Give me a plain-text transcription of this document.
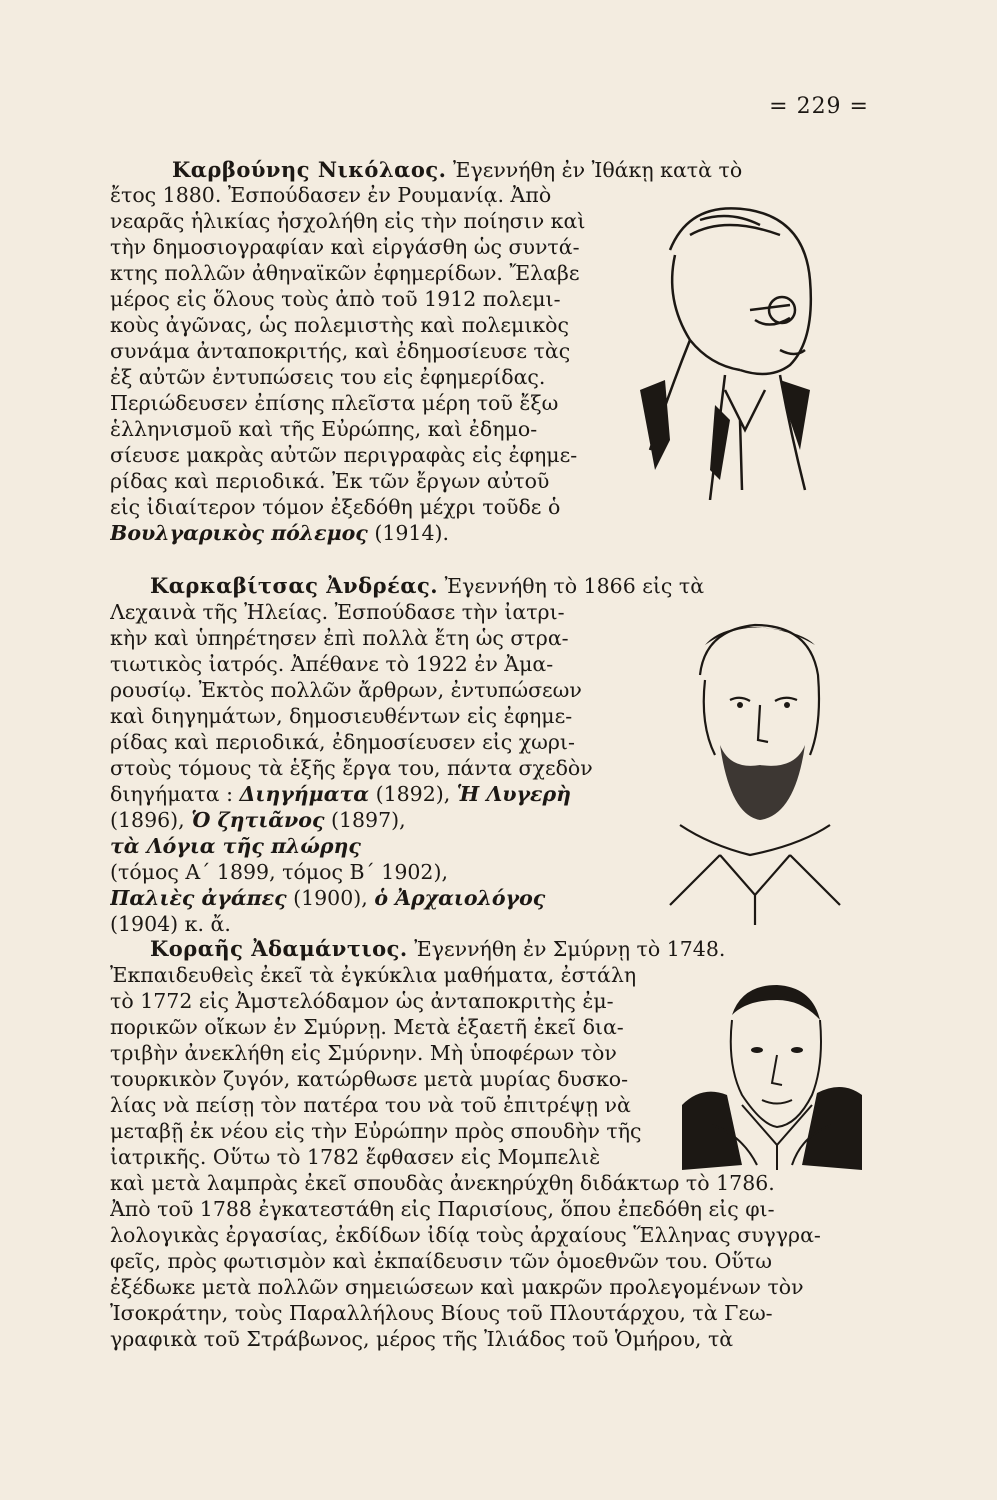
= 229 =
Καρβούνης Νικόλαος. Ἐγεννήθη ἐν Ἰθάκῃ κατὰ τὸ
ἔτος 1880. Ἐσπούδασεν ἐν Ρουμανίᾳ. Ἀπὸ
νεαρᾶς ἡλικίας ἠσχολήθη εἰς τὴν ποίησιν καὶ
τὴν δημοσιογραφίαν καὶ εἰργάσθη ὡς συντά-
κτης πολλῶν ἀθηναϊκῶν ἐφημερίδων. Ἔλαβε
μέρος εἰς ὅλους τοὺς ἀπὸ τοῦ 1912 πολεμι-
κοὺς ἀγῶνας, ὡς πολεμιστὴς καὶ πολεμικὸς
συνάμα ἀνταποκριτής, καὶ ἐδημοσίευσε τὰς
ἐξ αὐτῶν ἐντυπώσεις του εἰς ἐφημερίδας.
Περιώδευσεν ἐπίσης πλεῖστα μέρη τοῦ ἔξω
ἑλληνισμοῦ καὶ τῆς Εὐρώπης, καὶ ἐδημο-
σίευσε μακρὰς αὐτῶν περιγραφὰς εἰς ἐφημε-
ρίδας καὶ περιοδικά. Ἐκ τῶν ἔργων αὐτοῦ
εἰς ἰδιαίτερον τόμον ἐξεδόθη μέχρι τοῦδε ὁ
Βουλγαρικὸς πόλεμος (1914).
Καρκαβίτσας Ἀνδρέας. Ἐγεννήθη τὸ 1866 εἰς τὰ
Λεχαινὰ τῆς Ἠλείας. Ἐσπούδασε τὴν ἰατρι-
κὴν καὶ ὑπηρέτησεν ἐπὶ πολλὰ ἔτη ὡς στρα-
τιωτικὸς ἰατρός. Ἀπέθανε τὸ 1922 ἐν Ἀμα-
ρουσίῳ. Ἐκτὸς πολλῶν ἄρθρων, ἐντυπώσεων
καὶ διηγημάτων, δημοσιευθέντων εἰς ἐφημε-
ρίδας καὶ περιοδικά, ἐδημοσίευσεν εἰς χωρι-
στοὺς τόμους τὰ ἑξῆς ἔργα του, πάντα σχεδὸν
διηγήματα : Διηγήματα (1892), Ἡ Λυγερὴ
(1896), Ὁ ζητιᾶνος (1897),
τὰ Λόγια τῆς πλώρης
(τόμος Α΄ 1899, τόμος Β΄ 1902),
Παλιὲς ἀγάπες (1900), ὁ Ἀρχαιολόγος
(1904) κ. ἄ.
Κοραῆς Ἀδαμάντιος. Ἐγεννήθη ἐν Σμύρνῃ τὸ 1748.
Ἐκπαιδευθεὶς ἐκεῖ τὰ ἐγκύκλια μαθήματα, ἐστάλη
τὸ 1772 εἰς Ἀμστελόδαμον ὡς ἀνταποκριτὴς ἐμ-
πορικῶν οἴκων ἐν Σμύρνῃ. Μετὰ ἑξαετῆ ἐκεῖ δια-
τριβὴν ἀνεκλήθη εἰς Σμύρνην. Μὴ ὑποφέρων τὸν
τουρκικὸν ζυγόν, κατώρθωσε μετὰ μυρίας δυσκο-
λίας νὰ πείσῃ τὸν πατέρα του νὰ τοῦ ἐπιτρέψῃ νὰ
μεταβῇ ἐκ νέου εἰς τὴν Εὐρώπην πρὸς σπουδὴν τῆς
ἰατρικῆς. Οὕτω τὸ 1782 ἔφθασεν εἰς Μομπελιὲ
καὶ μετὰ λαμπρὰς ἐκεῖ σπουδὰς ἀνεκηρύχθη διδάκτωρ τὸ 1786.
Ἀπὸ τοῦ 1788 ἐγκατεστάθη εἰς Παρισίους, ὅπου ἐπεδόθη εἰς φι-
λολογικὰς ἐργασίας, ἐκδίδων ἰδίᾳ τοὺς ἀρχαίους Ἕλληνας συγγρα-
φεῖς, πρὸς φωτισμὸν καὶ ἐκπαίδευσιν τῶν ὁμοεθνῶν του. Οὕτω
ἐξέδωκε μετὰ πολλῶν σημειώσεων καὶ μακρῶν προλεγομένων τὸν
Ἰσοκράτην, τοὺς Παραλλήλους Βίους τοῦ Πλουτάρχου, τὰ Γεω-
γραφικὰ τοῦ Στράβωνος, μέρος τῆς Ἰλιάδος τοῦ Ὁμήρου, τὰ
